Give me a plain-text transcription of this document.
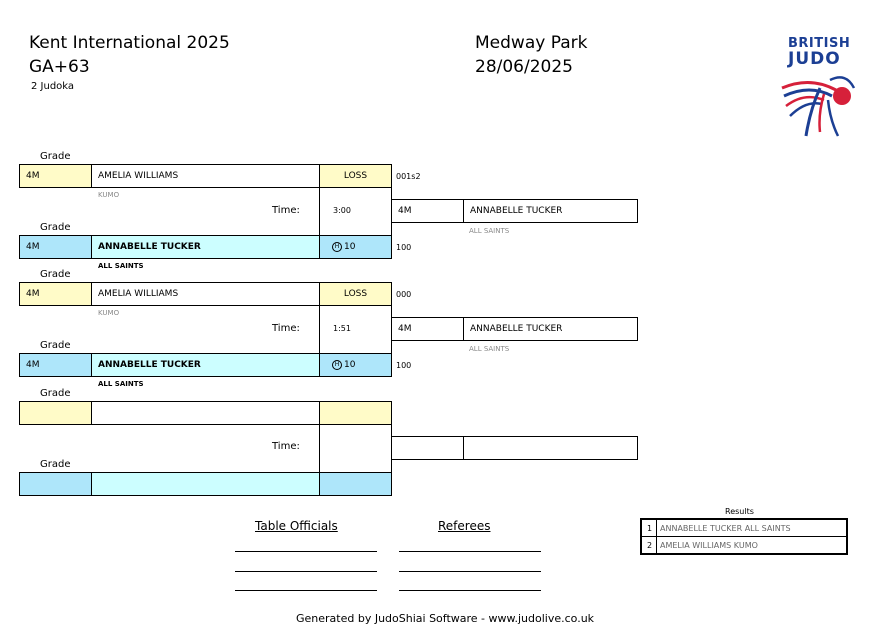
Kent International 2025
GA+63
2 Judoka
Medway Park
28/06/2025
BRITISH
JUDO
Grade
4M	AMELIA WILLIAMS	LOSS	001s2
KUMO
Time:	3:00	4M	ANNABELLE TUCKER
ALL SAINTS
Grade
4M	ANNABELLE TUCKER	H 10	100
ALL SAINTS
Grade
4M	AMELIA WILLIAMS	LOSS	000
KUMO
Time:	1:51	4M	ANNABELLE TUCKER
ALL SAINTS
Grade
4M	ANNABELLE TUCKER	H 10	100
ALL SAINTS
Grade
Time:
Grade
Table Officials	Referees
Results
1 ANNABELLE TUCKER ALL SAINTS
2 AMELIA WILLIAMS KUMO
Generated by JudoShiai Software - www.judolive.co.uk
